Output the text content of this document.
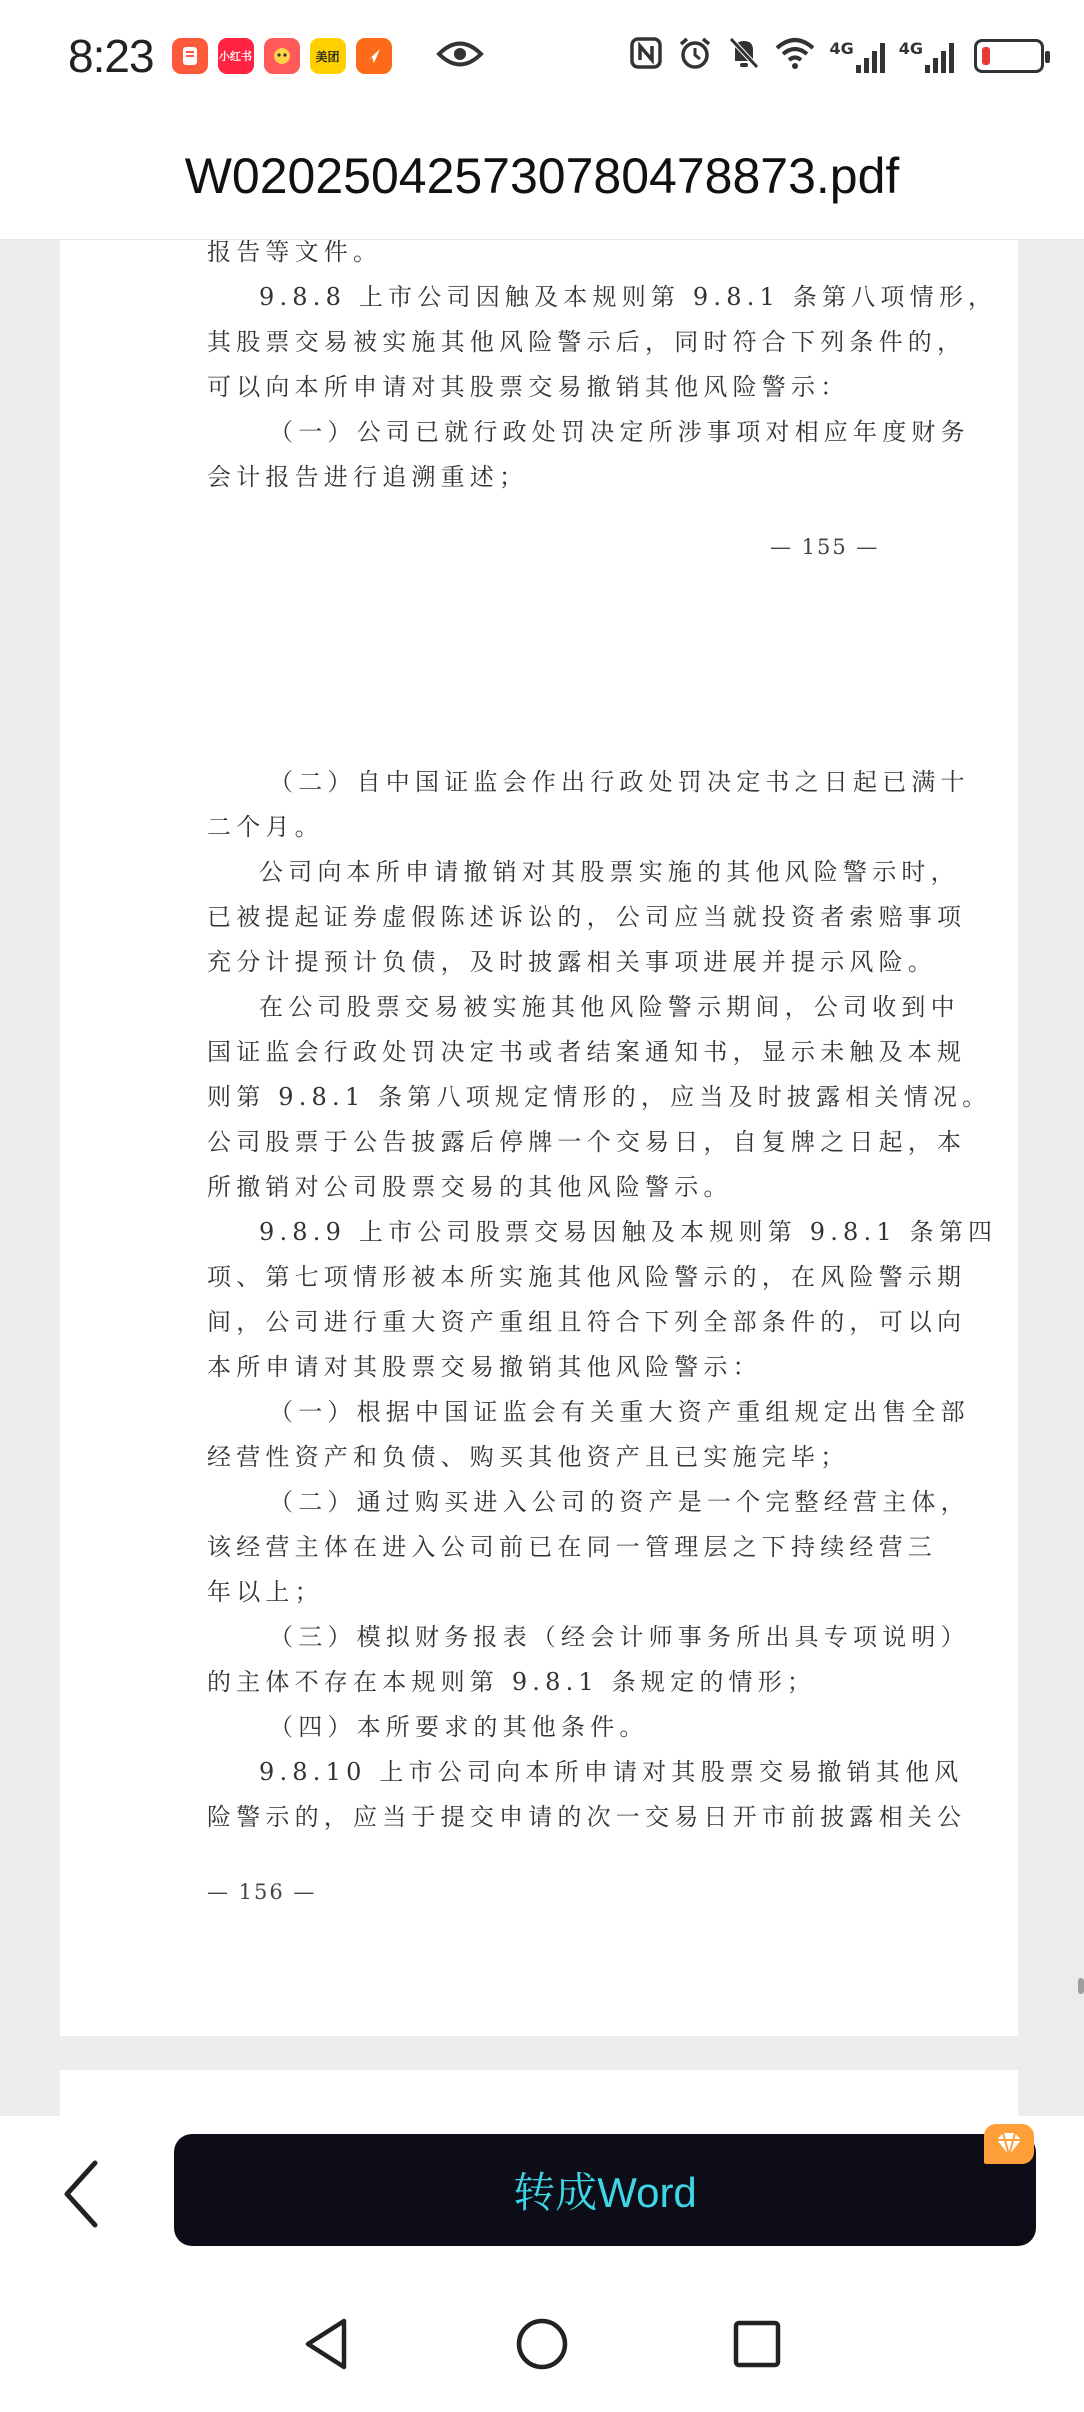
8:23	小红书	美团	4G	4G
W020250425730780478873.pdf
报告等文件。
9.8.8 上市公司因触及本规则第 9.8.1 条第八项情形，
其股票交易被实施其他风险警示后，同时符合下列条件的，
可以向本所申请对其股票交易撤销其他风险警示：
（一）公司已就行政处罚决定所涉事项对相应年度财务
会计报告进行追溯重述；
— 155 —
（二）自中国证监会作出行政处罚决定书之日起已满十
二个月。
公司向本所申请撤销对其股票实施的其他风险警示时，
已被提起证券虚假陈述诉讼的，公司应当就投资者索赔事项
充分计提预计负债，及时披露相关事项进展并提示风险。
在公司股票交易被实施其他风险警示期间，公司收到中
国证监会行政处罚决定书或者结案通知书，显示未触及本规
则第 9.8.1 条第八项规定情形的，应当及时披露相关情况。
公司股票于公告披露后停牌一个交易日，自复牌之日起，本
所撤销对公司股票交易的其他风险警示。
9.8.9 上市公司股票交易因触及本规则第 9.8.1 条第四
项、第七项情形被本所实施其他风险警示的，在风险警示期
间，公司进行重大资产重组且符合下列全部条件的，可以向
本所申请对其股票交易撤销其他风险警示：
（一）根据中国证监会有关重大资产重组规定出售全部
经营性资产和负债、购买其他资产且已实施完毕；
（二）通过购买进入公司的资产是一个完整经营主体，
该经营主体在进入公司前已在同一管理层之下持续经营三
年以上；
（三）模拟财务报表（经会计师事务所出具专项说明）
的主体不存在本规则第 9.8.1 条规定的情形；
（四）本所要求的其他条件。
9.8.10 上市公司向本所申请对其股票交易撤销其他风
险警示的，应当于提交申请的次一交易日开市前披露相关公
— 156 —
转成Word
